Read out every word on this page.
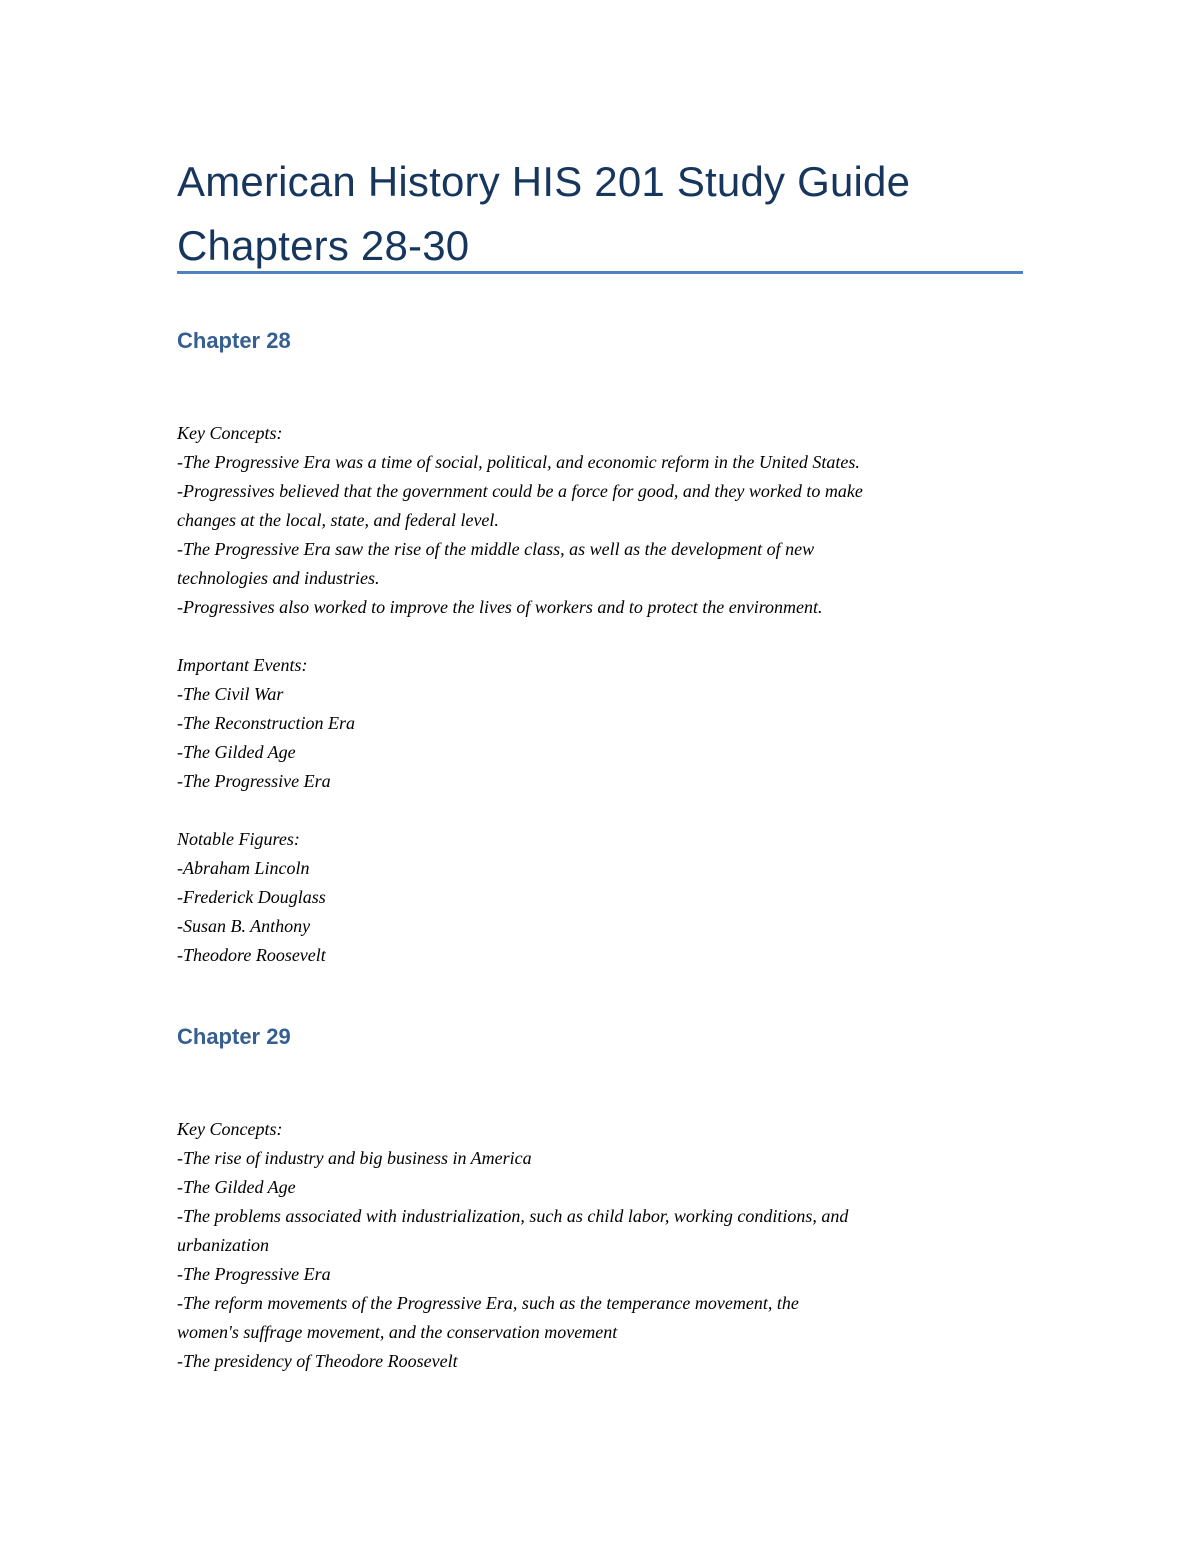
American History HIS 201 Study Guide
Chapters 28-30
Chapter 28
Key Concepts:
-The Progressive Era was a time of social, political, and economic reform in the United States.
-Progressives believed that the government could be a force for good, and they worked to make
changes at the local, state, and federal level.
-The Progressive Era saw the rise of the middle class, as well as the development of new
technologies and industries.
-Progressives also worked to improve the lives of workers and to protect the environment.
Important Events:
-The Civil War
-The Reconstruction Era
-The Gilded Age
-The Progressive Era
Notable Figures:
-Abraham Lincoln
-Frederick Douglass
-Susan B. Anthony
-Theodore Roosevelt
Chapter 29
Key Concepts:
-The rise of industry and big business in America
-The Gilded Age
-The problems associated with industrialization, such as child labor, working conditions, and
urbanization
-The Progressive Era
-The reform movements of the Progressive Era, such as the temperance movement, the
women's suffrage movement, and the conservation movement
-The presidency of Theodore Roosevelt
